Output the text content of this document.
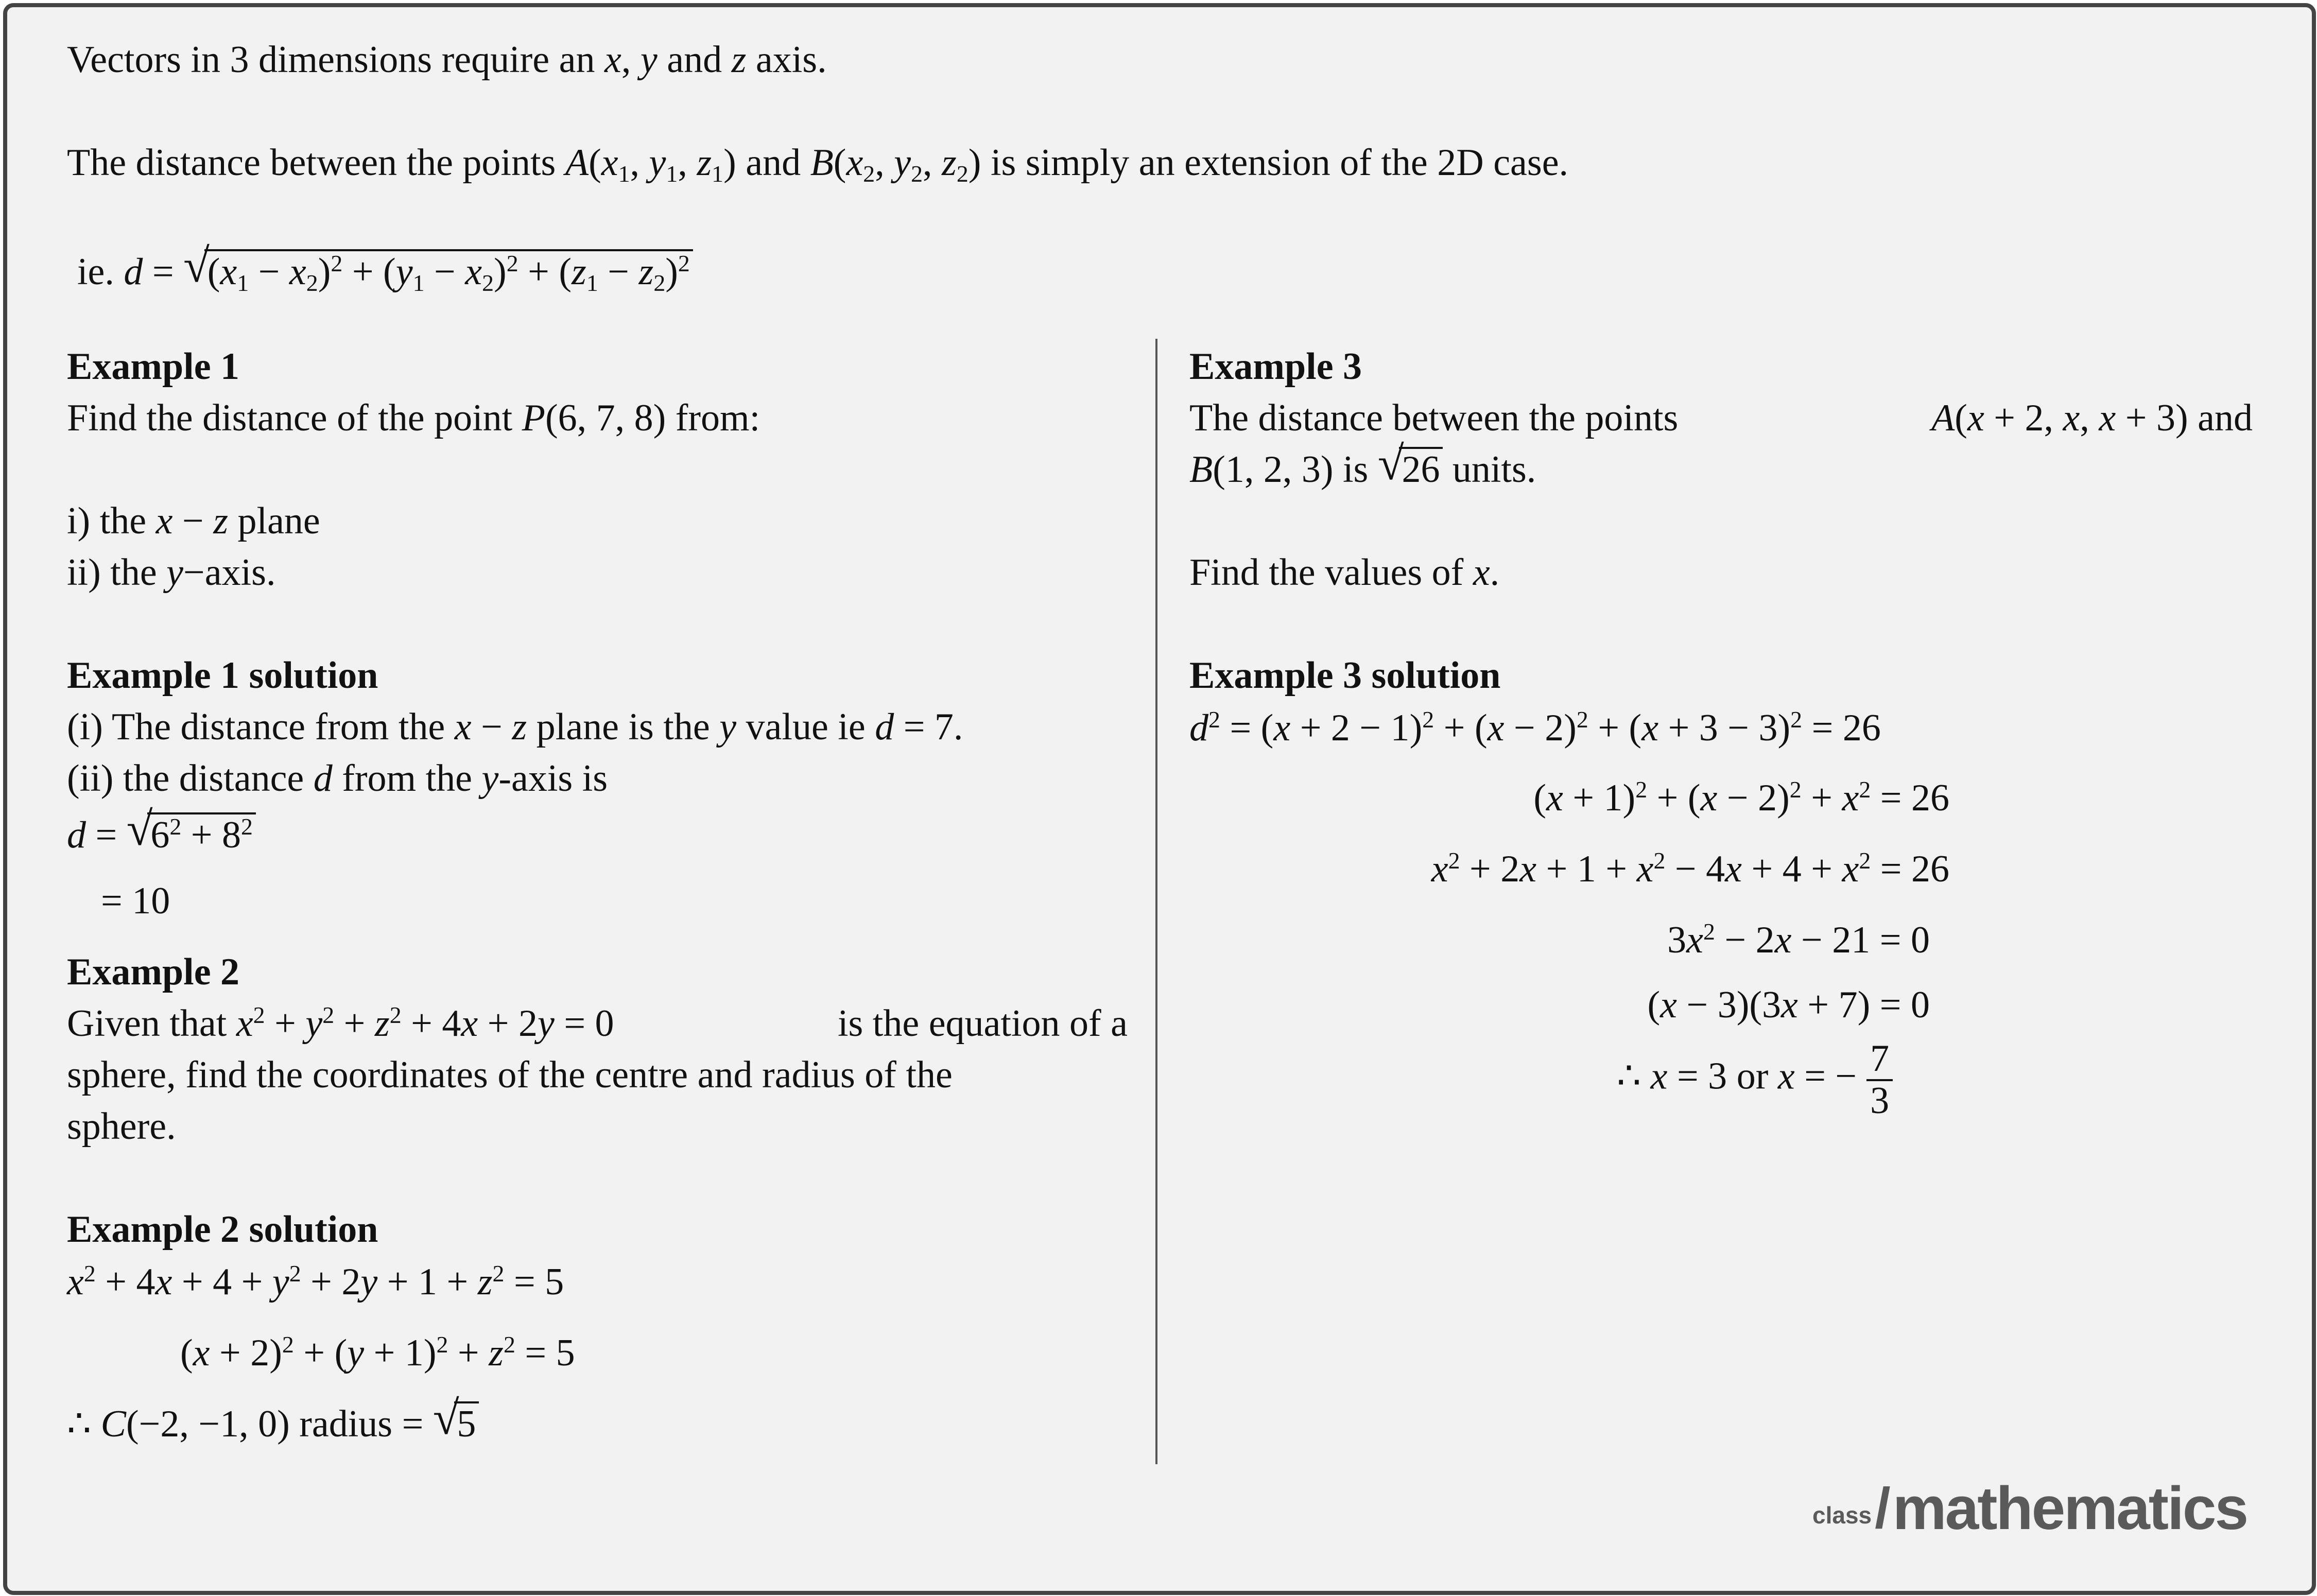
Vectors in 3 dimensions require an x, y and z axis.
The distance between the points $A(x_1$, $y_1$, $z_1$) and $B(x_2$, $y_2$, $z_2$) is simply an extension of the 2D case.
ie. d = √
$(x_1 - x_2)^2 + (y_1 - x_2)^2 + (z_1 - z_2)^2$
Example 1
Find the distance of the point P(6, 7, 8) from:
i) the x − z plane
ii) the y−axis.
Example 1 solution
(i) The distance from the x − z plane is the y value ie d = 7.
(ii) the distance d from the y-axis is
d = √
$6^2 + 8^2$
= 10
Example 2
Given that $x^2 + y^2 + z^2 + 4x + 2y = 0$	is the equation of a
sphere, find the coordinates of the centre and radius of the
sphere.
Example 2 solution
$x^2 + 4x + 4 + y^2 + 2y + 1 + z^2 = 5$
$(x + 2)^2 + (y + 1)^2 + z^2 = 5$
∴ C(−2, −1, 0) radius = √
5
Example 3
The distance between the points	A(x + 2, x, x + 3) and
B(1, 2, 3) is √
26 units.
Find the values of x.
Example 3 solution
$d^2 = (x + 2 - 1)^2 + (x - 2)^2 + (x + 3 - 3)^2 = 26$
$(x + 1)^2 + (x - 2)^2 + x^2 = 26$
$x^2 + 2x + 1 + x^2 - 4x + 4 + x^2 = 26$
$3x^2 - 2x - 21 = 0$
(x − 3)(3x + 7) = 0
∴ x = 3 or x = − $\frac{7}{3}$
class / mathematics
